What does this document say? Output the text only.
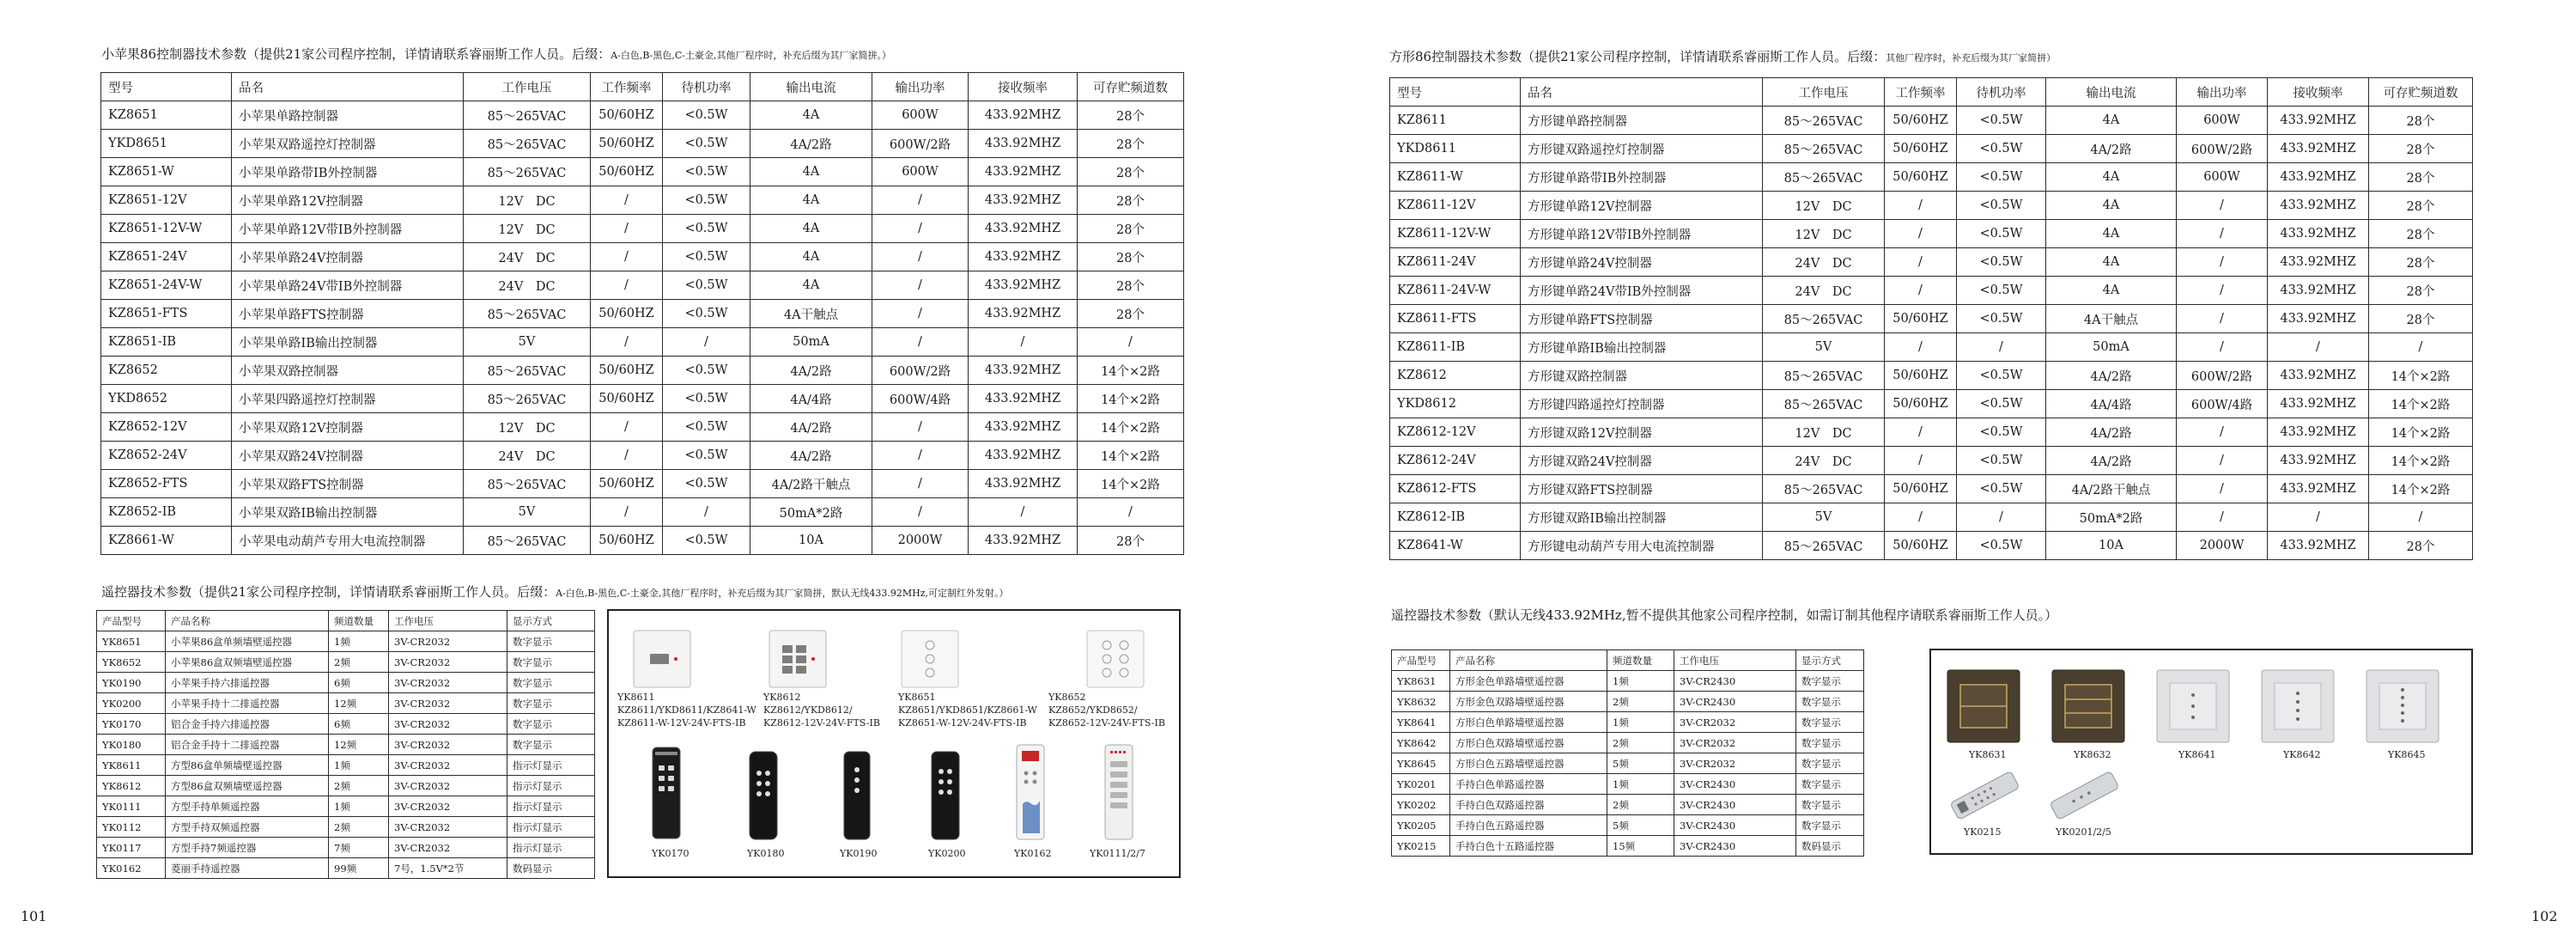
小苹果86控制器技术参数（提供21家公司程序控制，详情请联系睿丽斯工作人员。后缀：A-白色,B-黑色,C-土豪金,其他厂程序时，补充后缀为其厂家简拼。）
型号	品名	工作电压	工作频率	待机功率	输出电流	输出功率	接收频率	可存贮频道数
KZ8651	小苹果单路控制器	85～265VAC	50/60HZ	<0.5W	4A	600W	433.92MHZ	28个
YKD8651	小苹果双路遥控灯控制器	85～265VAC	50/60HZ	<0.5W	4A/2路	600W/2路	433.92MHZ	28个
KZ8651-W	小苹果单路带IB外控制器	85～265VAC	50/60HZ	<0.5W	4A	600W	433.92MHZ	28个
KZ8651-12V	小苹果单路12V控制器	12V　DC	/	<0.5W	4A	/	433.92MHZ	28个
KZ8651-12V-W	小苹果单路12V带IB外控制器	12V　DC	/	<0.5W	4A	/	433.92MHZ	28个
KZ8651-24V	小苹果单路24V控制器	24V　DC	/	<0.5W	4A	/	433.92MHZ	28个
KZ8651-24V-W	小苹果单路24V带IB外控制器	24V　DC	/	<0.5W	4A	/	433.92MHZ	28个
KZ8651-FTS	小苹果单路FTS控制器	85～265VAC	50/60HZ	<0.5W	4A干触点	/	433.92MHZ	28个
KZ8651-IB	小苹果单路IB输出控制器	5V	/	/	50mA	/	/	/
KZ8652	小苹果双路控制器	85～265VAC	50/60HZ	<0.5W	4A/2路	600W/2路	433.92MHZ	14个×2路
YKD8652	小苹果四路遥控灯控制器	85～265VAC	50/60HZ	<0.5W	4A/4路	600W/4路	433.92MHZ	14个×2路
KZ8652-12V	小苹果双路12V控制器	12V　DC	/	<0.5W	4A/2路	/	433.92MHZ	14个×2路
KZ8652-24V	小苹果双路24V控制器	24V　DC	/	<0.5W	4A/2路	/	433.92MHZ	14个×2路
KZ8652-FTS	小苹果双路FTS控制器	85～265VAC	50/60HZ	<0.5W	4A/2路干触点	/	433.92MHZ	14个×2路
KZ8652-IB	小苹果双路IB输出控制器	5V	/	/	50mA*2路	/	/	/
KZ8661-W	小苹果电动葫芦专用大电流控制器	85～265VAC	50/60HZ	<0.5W	10A	2000W	433.92MHZ	28个
遥控器技术参数（提供21家公司程序控制，详情请联系睿丽斯工作人员。后缀：A-白色,B-黑色,C-土豪金,其他厂程序时，补充后缀为其厂家简拼，默认无线433.92MHz,可定制红外发射。）
产品型号	产品名称	频道数量	工作电压	显示方式
YK8651	小苹果86盒单频墙壁遥控器	1频	3V-CR2032	数字显示
YK8652	小苹果86盒双频墙壁遥控器	2频	3V-CR2032	数字显示
YK0190	小苹果手持六排遥控器	6频	3V-CR2032	数字显示
YK0200	小苹果手持十二排遥控器	12频	3V-CR2032	数字显示
YK0170	铝合金手持六排遥控器	6频	3V-CR2032	数字显示
YK0180	铝合金手持十二排遥控器	12频	3V-CR2032	数字显示
YK8611	方型86盒单频墙壁遥控器	1频	3V-CR2032	指示灯显示
YK8612	方型86盒双频墙壁遥控器	2频	3V-CR2032	指示灯显示
YK0111	方型手持单频遥控器	1频	3V-CR2032	指示灯显示
YK0112	方型手持双频遥控器	2频	3V-CR2032	指示灯显示
YK0117	方型手持7频遥控器	7频	3V-CR2032	指示灯显示
YK0162	菱丽手持遥控器	99频	7号，1.5V*2节	数码显示
YK8611
KZ8611/YKD8611/KZ8641-W
KZ8611-W-12V-24V-FTS-IB
YK8612
KZ8612/YKD8612/
KZ8612-12V-24V-FTS-IB
YK8651
KZ8651/YKD8651/KZ8661-W
KZ8651-W-12V-24V-FTS-IB
YK8652
KZ8652/YKD8652/
KZ8652-12V-24V-FTS-IB
YK0170	YK0180	YK0190	YK0200	YK0162	YK0111/2/7
101
方形86控制器技术参数（提供21家公司程序控制，详情请联系睿丽斯工作人员。后缀：其他厂程序时，补充后缀为其厂家简拼）
型号	品名	工作电压	工作频率	待机功率	输出电流	输出功率	接收频率	可存贮频道数
KZ8611	方形键单路控制器	85～265VAC	50/60HZ	<0.5W	4A	600W	433.92MHZ	28个
YKD8611	方形键双路遥控灯控制器	85～265VAC	50/60HZ	<0.5W	4A/2路	600W/2路	433.92MHZ	28个
KZ8611-W	方形键单路带IB外控制器	85～265VAC	50/60HZ	<0.5W	4A	600W	433.92MHZ	28个
KZ8611-12V	方形键单路12V控制器	12V　DC	/	<0.5W	4A	/	433.92MHZ	28个
KZ8611-12V-W	方形键单路12V带IB外控制器	12V　DC	/	<0.5W	4A	/	433.92MHZ	28个
KZ8611-24V	方形键单路24V控制器	24V　DC	/	<0.5W	4A	/	433.92MHZ	28个
KZ8611-24V-W	方形键单路24V带IB外控制器	24V　DC	/	<0.5W	4A	/	433.92MHZ	28个
KZ8611-FTS	方形键单路FTS控制器	85～265VAC	50/60HZ	<0.5W	4A干触点	/	433.92MHZ	28个
KZ8611-IB	方形键单路IB输出控制器	5V	/	/	50mA	/	/	/
KZ8612	方形键双路控制器	85～265VAC	50/60HZ	<0.5W	4A/2路	600W/2路	433.92MHZ	14个×2路
YKD8612	方形键四路遥控灯控制器	85～265VAC	50/60HZ	<0.5W	4A/4路	600W/4路	433.92MHZ	14个×2路
KZ8612-12V	方形键双路12V控制器	12V　DC	/	<0.5W	4A/2路	/	433.92MHZ	14个×2路
KZ8612-24V	方形键双路24V控制器	24V　DC	/	<0.5W	4A/2路	/	433.92MHZ	14个×2路
KZ8612-FTS	方形键双路FTS控制器	85～265VAC	50/60HZ	<0.5W	4A/2路干触点	/	433.92MHZ	14个×2路
KZ8612-IB	方形键双路IB输出控制器	5V	/	/	50mA*2路	/	/	/
KZ8641-W	方形键电动葫芦专用大电流控制器	85～265VAC	50/60HZ	<0.5W	10A	2000W	433.92MHZ	28个
遥控器技术参数（默认无线433.92MHz,暂不提供其他家公司程序控制，如需订制其他程序请联系睿丽斯工作人员。）
产品型号	产品名称	频道数量	工作电压	显示方式
YK8631	方形金色单路墙壁遥控器	1频	3V-CR2430	数字显示
YK8632	方形金色双路墙壁遥控器	2频	3V-CR2430	数字显示
YK8641	方形白色单路墙壁遥控器	1频	3V-CR2032	数字显示
YK8642	方形白色双路墙壁遥控器	2频	3V-CR2032	数字显示
YK8645	方形白色五路墙壁遥控器	5频	3V-CR2032	数字显示
YK0201	手持白色单路遥控器	1频	3V-CR2430	数字显示
YK0202	手持白色双路遥控器	2频	3V-CR2430	数字显示
YK0205	手持白色五路遥控器	5频	3V-CR2430	数字显示
YK0215	手持白色十五路遥控器	15频	3V-CR2430	数码显示
YK8631	YK8632	YK8641	YK8642	YK8645
YK0215	YK0201/2/5
102
